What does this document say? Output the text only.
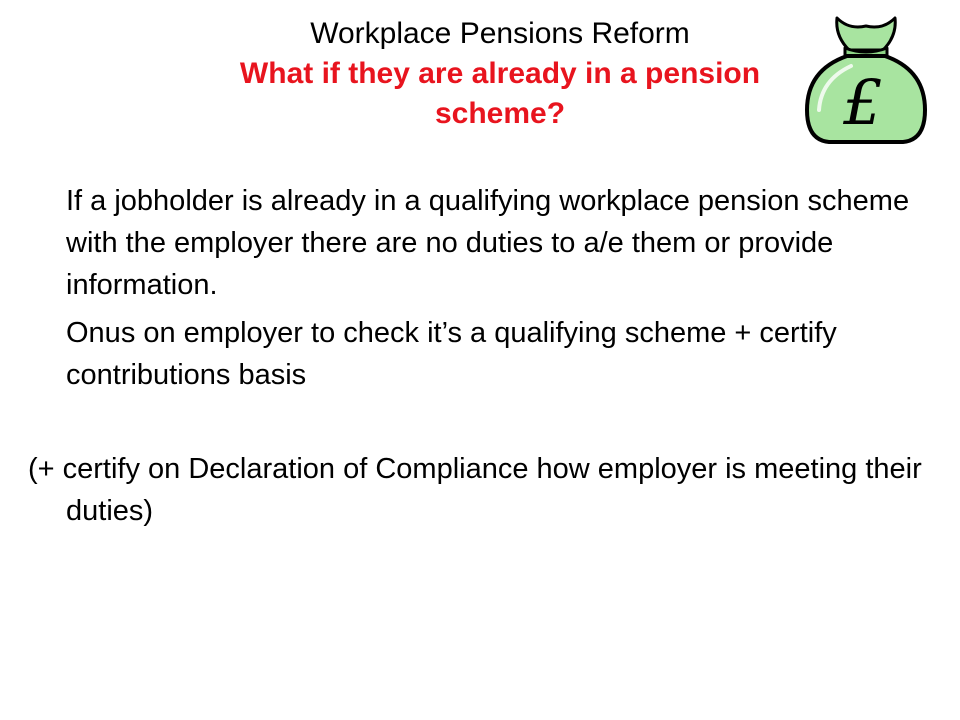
Workplace Pensions Reform
What if they are already in a pension scheme?	£

If a jobholder is already in a qualifying workplace pension scheme with the employer there are no duties to a/e them or provide information.

Onus on employer to check it’s a qualifying scheme + certify contributions basis

(+ certify on Declaration of Compliance how employer is meeting their duties)
